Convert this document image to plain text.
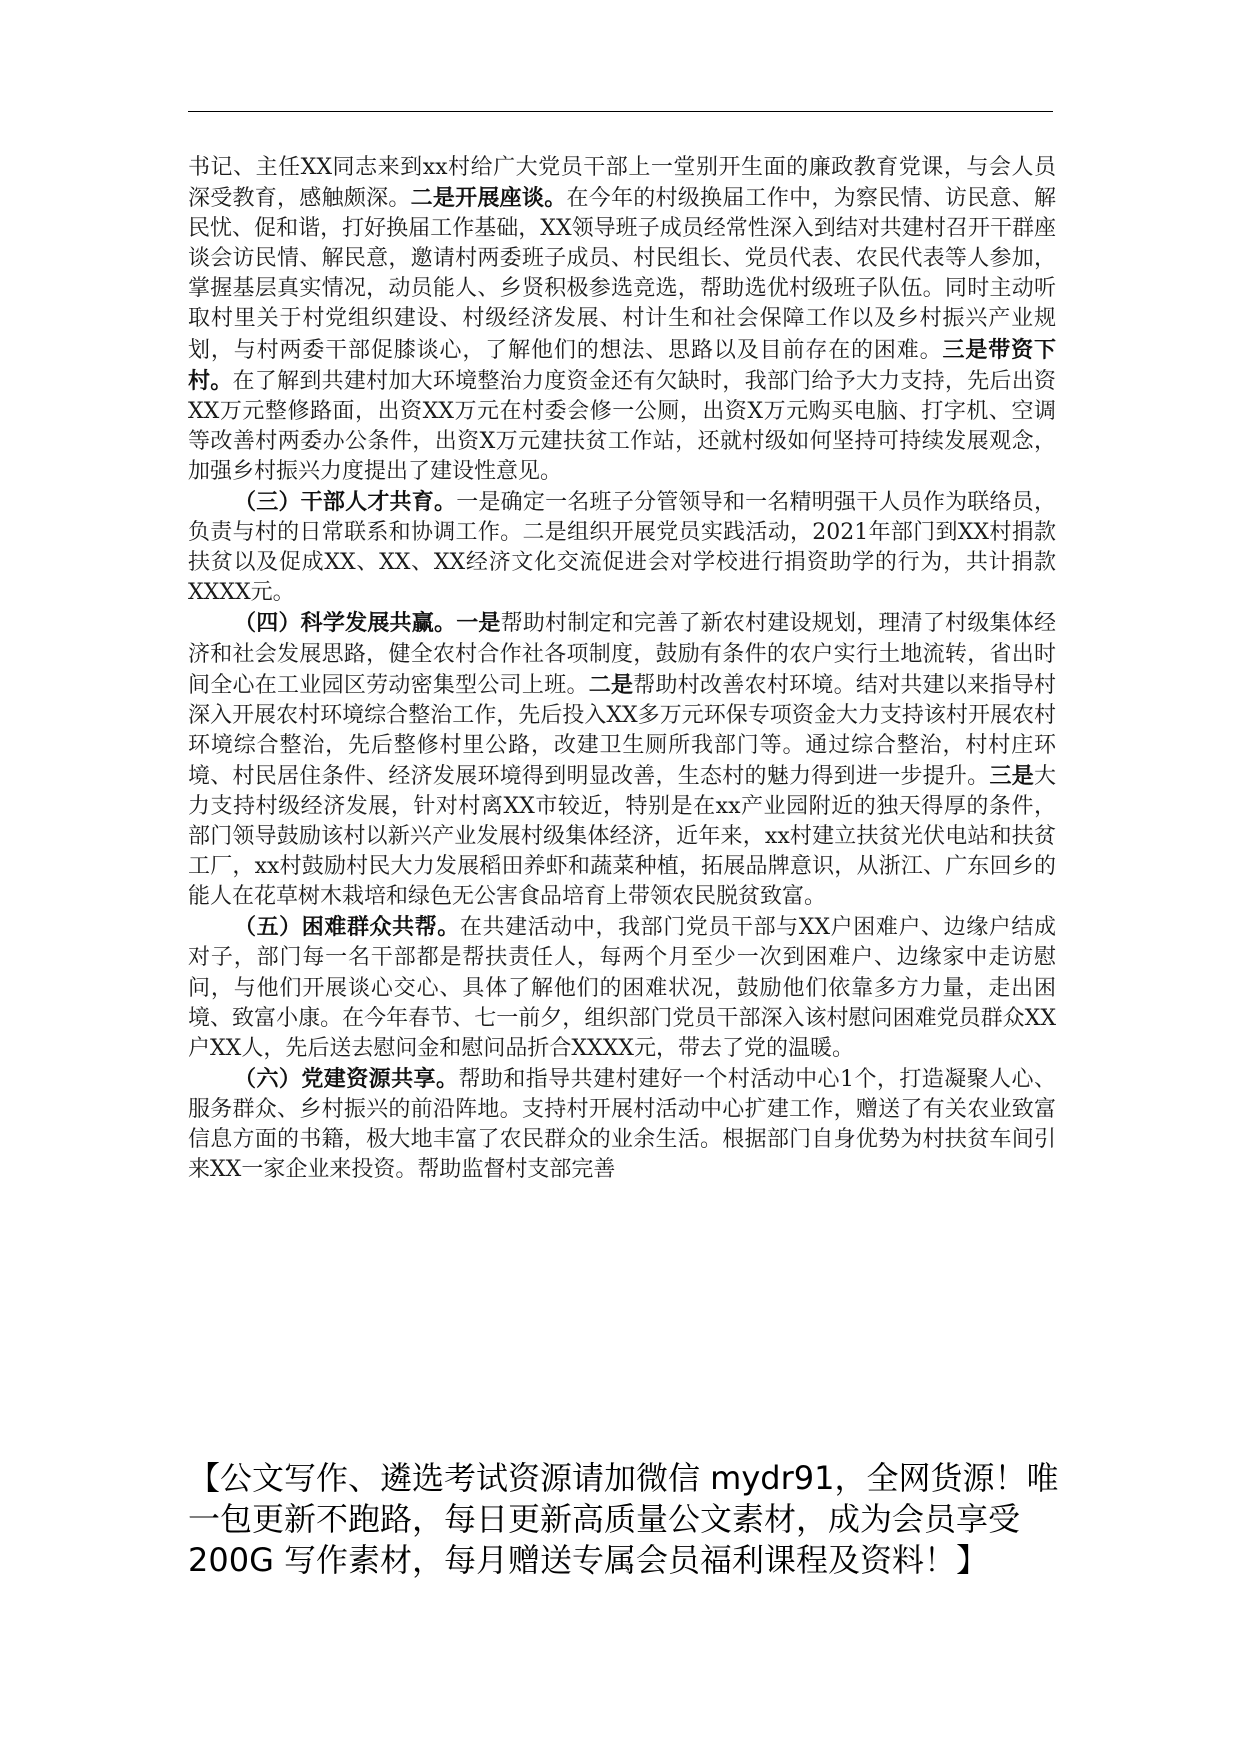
书记、主任XX同志来到xx村给广大党员干部上一堂别开生面的廉政教育党课，与会人员深受教育，感触颇深。二是开展座谈。在今年的村级换届工作中，为察民情、访民意、解民忧、促和谐，打好换届工作基础，XX领导班子成员经常性深入到结对共建村召开干群座谈会访民情、解民意，邀请村两委班子成员、村民组长、党员代表、农民代表等人参加，掌握基层真实情况，动员能人、乡贤积极参选竞选，帮助选优村级班子队伍。同时主动听取村里关于村党组织建设、村级经济发展、村计生和社会保障工作以及乡村振兴产业规划，与村两委干部促膝谈心，了解他们的想法、思路以及目前存在的困难。三是带资下村。在了解到共建村加大环境整治力度资金还有欠缺时，我部门给予大力支持，先后出资XX万元整修路面，出资XX万元在村委会修一公厕，出资X万元购买电脑、打字机、空调等改善村两委办公条件，出资X万元建扶贫工作站，还就村级如何坚持可持续发展观念，加强乡村振兴力度提出了建设性意见。

（三）干部人才共育。一是确定一名班子分管领导和一名精明强干人员作为联络员，负责与村的日常联系和协调工作。二是组织开展党员实践活动，2021年部门到XX村捐款扶贫以及促成XX、XX、XX经济文化交流促进会对学校进行捐资助学的行为，共计捐款XXXX元。

（四）科学发展共赢。一是帮助村制定和完善了新农村建设规划，理清了村级集体经济和社会发展思路，健全农村合作社各项制度，鼓励有条件的农户实行土地流转，省出时间全心在工业园区劳动密集型公司上班。二是帮助村改善农村环境。结对共建以来指导村深入开展农村环境综合整治工作，先后投入XX多万元环保专项资金大力支持该村开展农村环境综合整治，先后整修村里公路，改建卫生厕所我部门等。通过综合整治，村村庄环境、村民居住条件、经济发展环境得到明显改善，生态村的魅力得到进一步提升。三是大力支持村级经济发展，针对村离XX市较近，特别是在xx产业园附近的独天得厚的条件，部门领导鼓励该村以新兴产业发展村级集体经济，近年来，xx村建立扶贫光伏电站和扶贫工厂，xx村鼓励村民大力发展稻田养虾和蔬菜种植，拓展品牌意识，从浙江、广东回乡的能人在花草树木栽培和绿色无公害食品培育上带领农民脱贫致富。

（五）困难群众共帮。在共建活动中，我部门党员干部与XX户困难户、边缘户结成对子，部门每一名干部都是帮扶责任人，每两个月至少一次到困难户、边缘家中走访慰问，与他们开展谈心交心、具体了解他们的困难状况，鼓励他们依靠多方力量，走出困境、致富小康。在今年春节、七一前夕，组织部门党员干部深入该村慰问困难党员群众XX户XX人，先后送去慰问金和慰问品折合XXXX元，带去了党的温暖。

（六）党建资源共享。帮助和指导共建村建好一个村活动中心1个，打造凝聚人心、服务群众、乡村振兴的前沿阵地。支持村开展村活动中心扩建工作，赠送了有关农业致富信息方面的书籍，极大地丰富了农民群众的业余生活。根据部门自身优势为村扶贫车间引来XX一家企业来投资。帮助监督村支部完善

【公文写作、遴选考试资源请加微信 mydr91，全网货源！唯一包更新不跑路，每日更新高质量公文素材，成为会员享受 200G 写作素材，每月赠送专属会员福利课程及资料！】
